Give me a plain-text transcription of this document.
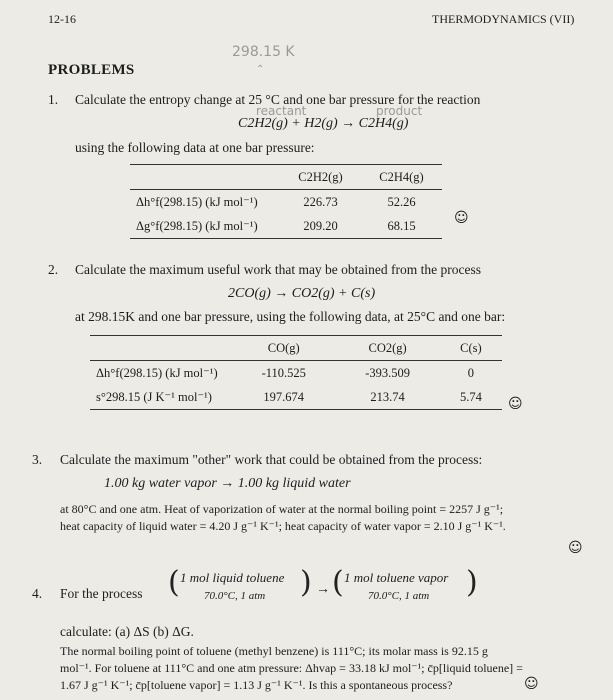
12-16	THERMODYNAMICS (VII)
298.15 K
⌃
PROBLEMS
1. Calculate the entropy change at 25 °C and one bar pressure for the reaction
reactant	product
C2H2(g) + H2(g) → C2H4(g)
using the following data at one bar pressure:
	C2H2(g)	C2H4(g)
Δh°f(298.15) (kJ mol⁻¹)	226.73	52.26
Δg°f(298.15) (kJ mol⁻¹)	209.20	68.15	☺
2. Calculate the maximum useful work that may be obtained from the process
2CO(g) → CO2(g) + C(s)
at 298.15K and one bar pressure, using the following data, at 25°C and one bar:
	CO(g)	CO2(g)	C(s)
Δh°f(298.15) (kJ mol⁻¹)	-110.525	-393.509	0
s°298.15 (J K⁻¹ mol⁻¹)	197.674	213.74	5.74 ☺
3. Calculate the maximum "other" work that could be obtained from the process:
1.00 kg water vapor → 1.00 kg liquid water
at 80°C and one atm. Heat of vaporization of water at the normal boiling point = 2257 J g⁻¹;
heat capacity of liquid water = 4.20 J g⁻¹ K⁻¹; heat capacity of water vapor = 2.10 J g⁻¹ K⁻¹.
☺
4. For the process ( 1 mol liquid toluene
70.0°C, 1 atm ) → ( 1 mol toluene vapor
70.0°C, 1 atm )
calculate: (a) ΔS (b) ΔG.
The normal boiling point of toluene (methyl benzene) is 111°C; its molar mass is 92.15 g
mol⁻¹. For toluene at 111°C and one atm pressure: Δhvap = 33.18 kJ mol⁻¹; c̄p[liquid toluene] =
1.67 J g⁻¹ K⁻¹; c̄p[toluene vapor] = 1.13 J g⁻¹ K⁻¹. Is this a spontaneous process?	☺
